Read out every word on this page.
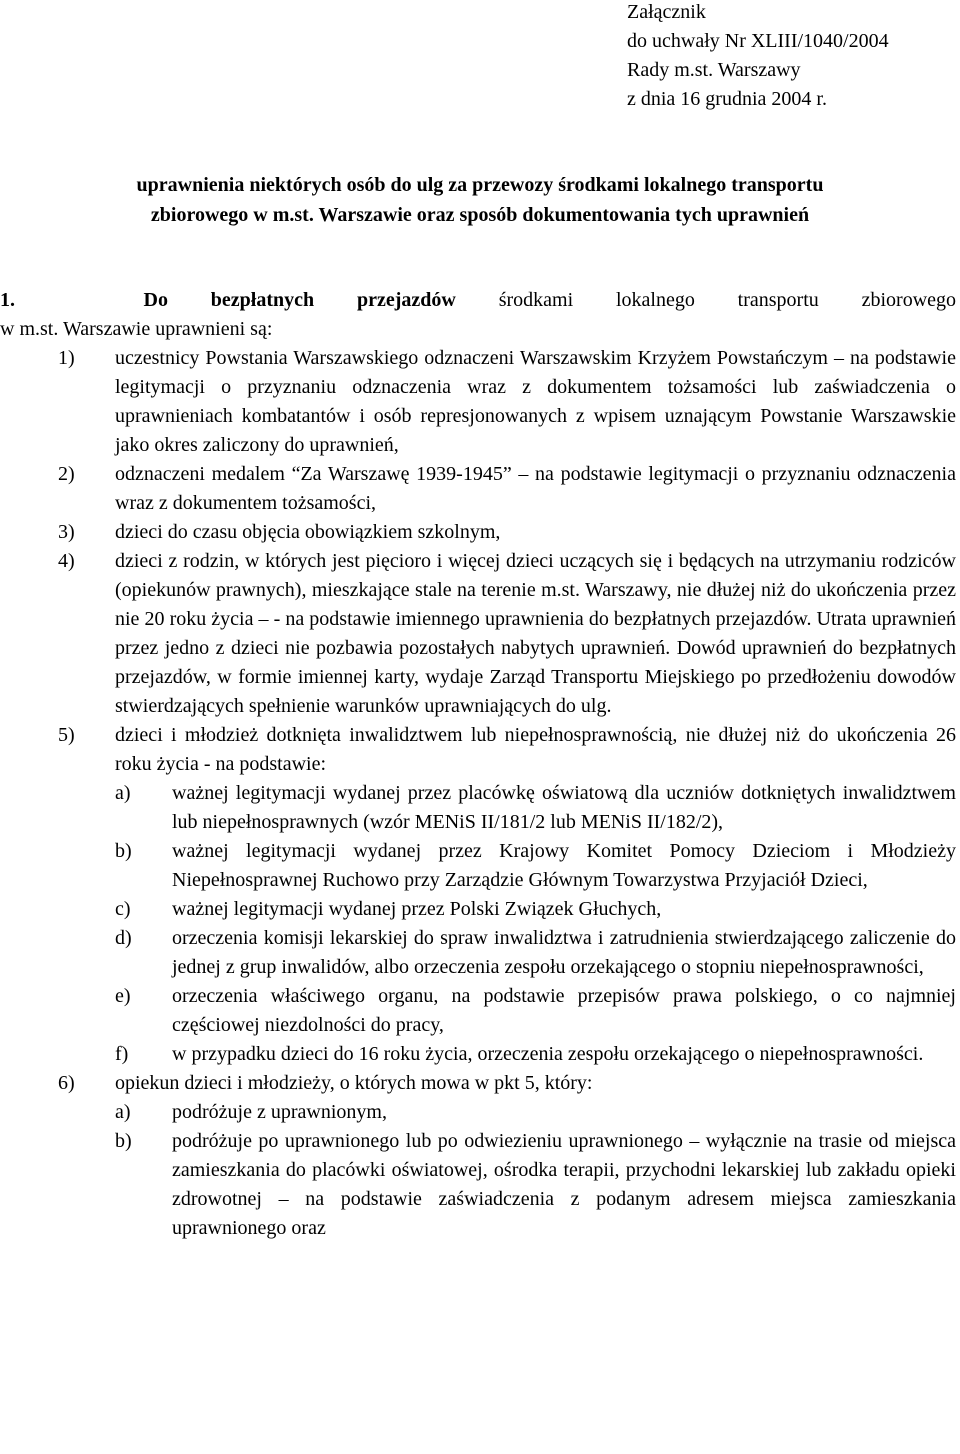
Załącznik
do uchwały Nr XLIII/1040/2004
Rady m.st. Warszawy
z dnia 16 grudnia 2004 r.
uprawnienia niektórych osób do ulg za przewozy środkami lokalnego transportu
zbiorowego w m.st. Warszawie oraz sposób dokumentowania tych uprawnień
1.	Do bezpłatnych przejazdów środkami lokalnego transportu zbiorowego
w m.st. Warszawie uprawnieni są:
1) uczestnicy Powstania Warszawskiego odznaczeni Warszawskim Krzyżem Powstańczym – na podstawie legitymacji o przyznaniu odznaczenia wraz z dokumentem tożsamości lub zaświadczenia o uprawnieniach kombatantów i osób represjonowanych z wpisem uznającym Powstanie Warszawskie jako okres zaliczony do uprawnień,
2) odznaczeni medalem “Za Warszawę 1939-1945” – na podstawie legitymacji o przyznaniu odznaczenia wraz z dokumentem tożsamości,
3) dzieci do czasu objęcia obowiązkiem szkolnym,
4) dzieci z rodzin, w których jest pięcioro i więcej dzieci uczących się i będących na utrzymaniu rodziców (opiekunów prawnych), mieszkające stale na terenie m.st. Warszawy, nie dłużej niż do ukończenia przez nie 20 roku życia – - na podstawie imiennego uprawnienia do bezpłatnych przejazdów. Utrata uprawnień przez jedno z dzieci nie pozbawia pozostałych nabytych uprawnień. Dowód uprawnień do bezpłatnych przejazdów, w formie imiennej karty, wydaje Zarząd Transportu Miejskiego po przedłożeniu dowodów stwierdzających spełnienie warunków uprawniających do ulg.
5) dzieci i młodzież dotknięta inwalidztwem lub niepełnosprawnością, nie dłużej niż do ukończenia 26 roku życia - na podstawie:
a) ważnej legitymacji wydanej przez placówkę oświatową dla uczniów dotkniętych inwalidztwem lub niepełnosprawnych (wzór MENiS II/181/2 lub MENiS II/182/2),
b) ważnej legitymacji wydanej przez Krajowy Komitet Pomocy Dzieciom i Młodzieży Niepełnosprawnej Ruchowo przy Zarządzie Głównym Towarzystwa Przyjaciół Dzieci,
c) ważnej legitymacji wydanej przez Polski Związek Głuchych,
d) orzeczenia komisji lekarskiej do spraw inwalidztwa i zatrudnienia stwierdzającego zaliczenie do jednej z grup inwalidów, albo orzeczenia zespołu orzekającego o stopniu niepełnosprawności,
e) orzeczenia właściwego organu, na podstawie przepisów prawa polskiego, o co najmniej częściowej niezdolności do pracy,
f) w przypadku dzieci do 16 roku życia, orzeczenia zespołu orzekającego o niepełnosprawności.
6) opiekun dzieci i młodzieży, o których mowa w pkt 5, który:
a) podróżuje z uprawnionym,
b) podróżuje po uprawnionego lub po odwiezieniu uprawnionego – wyłącznie na trasie od miejsca zamieszkania do placówki oświatowej, ośrodka terapii, przychodni lekarskiej lub zakładu opieki zdrowotnej – na podstawie zaświadczenia z podanym adresem miejsca zamieszkania uprawnionego oraz
